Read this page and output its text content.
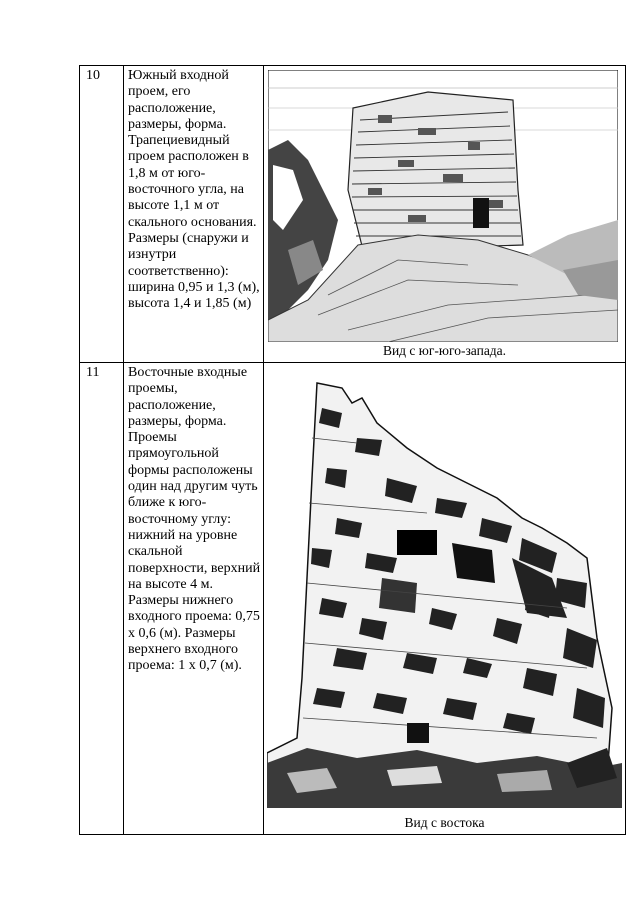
10	Южный входной проем, его расположение, размеры, форма. Трапециевидный проем расположен в 1,8 м от юго-восточного угла, на высоте 1,1 м от скального основания. Размеры (снаружи и изнутри соответственно): ширина 0,95 и 1,3 (м), высота 1,4 и 1,85 (м)	Вид с юг-юго-запада.

11	Восточные входные проемы, расположение, размеры, форма. Проемы прямоугольной формы расположены один над другим чуть ближе к юго-восточному углу: нижний на уровне скальной поверхности, верхний на высоте 4 м. Размеры нижнего входного проема: 0,75 х 0,6 (м). Размеры верхнего входного проема: 1 х 0,7 (м).	Вид с востока
